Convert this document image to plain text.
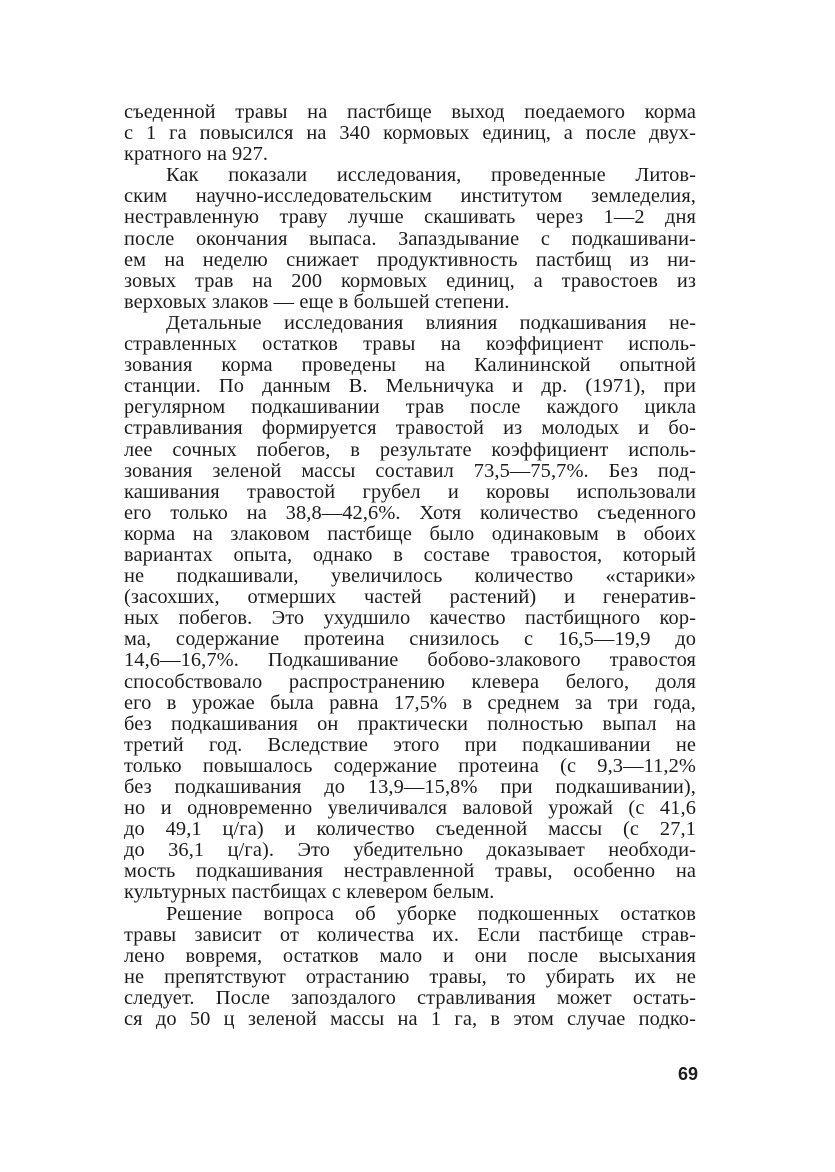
съеденной травы на пастбище выход поедаемого корма
с 1 га повысился на 340 кормовых единиц, а после двух-
кратного на 927.
Как показали исследования, проведенные Литов-
ским научно-исследовательским институтом земледелия,
нестравленную траву лучше скашивать через 1—2 дня
после окончания выпаса. Запаздывание с подкашивани-
ем на неделю снижает продуктивность пастбищ из ни-
зовых трав на 200 кормовых единиц, а травостоев из
верховых злаков — еще в большей степени.
Детальные исследования влияния подкашивания не-
стравленных остатков травы на коэффициент исполь-
зования корма проведены на Калининской опытной
станции. По данным В. Мельничука и др. (1971), при
регулярном подкашивании трав после каждого цикла
стравливания формируется травостой из молодых и бо-
лее сочных побегов, в результате коэффициент исполь-
зования зеленой массы составил 73,5—75,7%. Без под-
кашивания травостой грубел и коровы использовали
его только на 38,8—42,6%. Хотя количество съеденного
корма на злаковом пастбище было одинаковым в обоих
вариантах опыта, однако в составе травостоя, который
не подкашивали, увеличилось количество «старики»
(засохших, отмерших частей растений) и генератив-
ных побегов. Это ухудшило качество пастбищного кор-
ма, содержание протеина снизилось с 16,5—19,9 до
14,6—16,7%. Подкашивание бобово-злакового травостоя
способствовало распространению клевера белого, доля
его в урожае была равна 17,5% в среднем за три года,
без подкашивания он практически полностью выпал на
третий год. Вследствие этого при подкашивании не
только повышалось содержание протеина (с 9,3—11,2%
без подкашивания до 13,9—15,8% при подкашивании),
но и одновременно увеличивался валовой урожай (с 41,6
до 49,1 ц/га) и количество съеденной массы (с 27,1
до 36,1 ц/га). Это убедительно доказывает необходи-
мость подкашивания нестравленной травы, особенно на
культурных пастбищах с клевером белым.
Решение вопроса об уборке подкошенных остатков
травы зависит от количества их. Если пастбище страв-
лено вовремя, остатков мало и они после высыхания
не препятствуют отрастанию травы, то убирать их не
следует. После запоздалого стравливания может остать-
ся до 50 ц зеленой массы на 1 га, в этом случае подко-
69
